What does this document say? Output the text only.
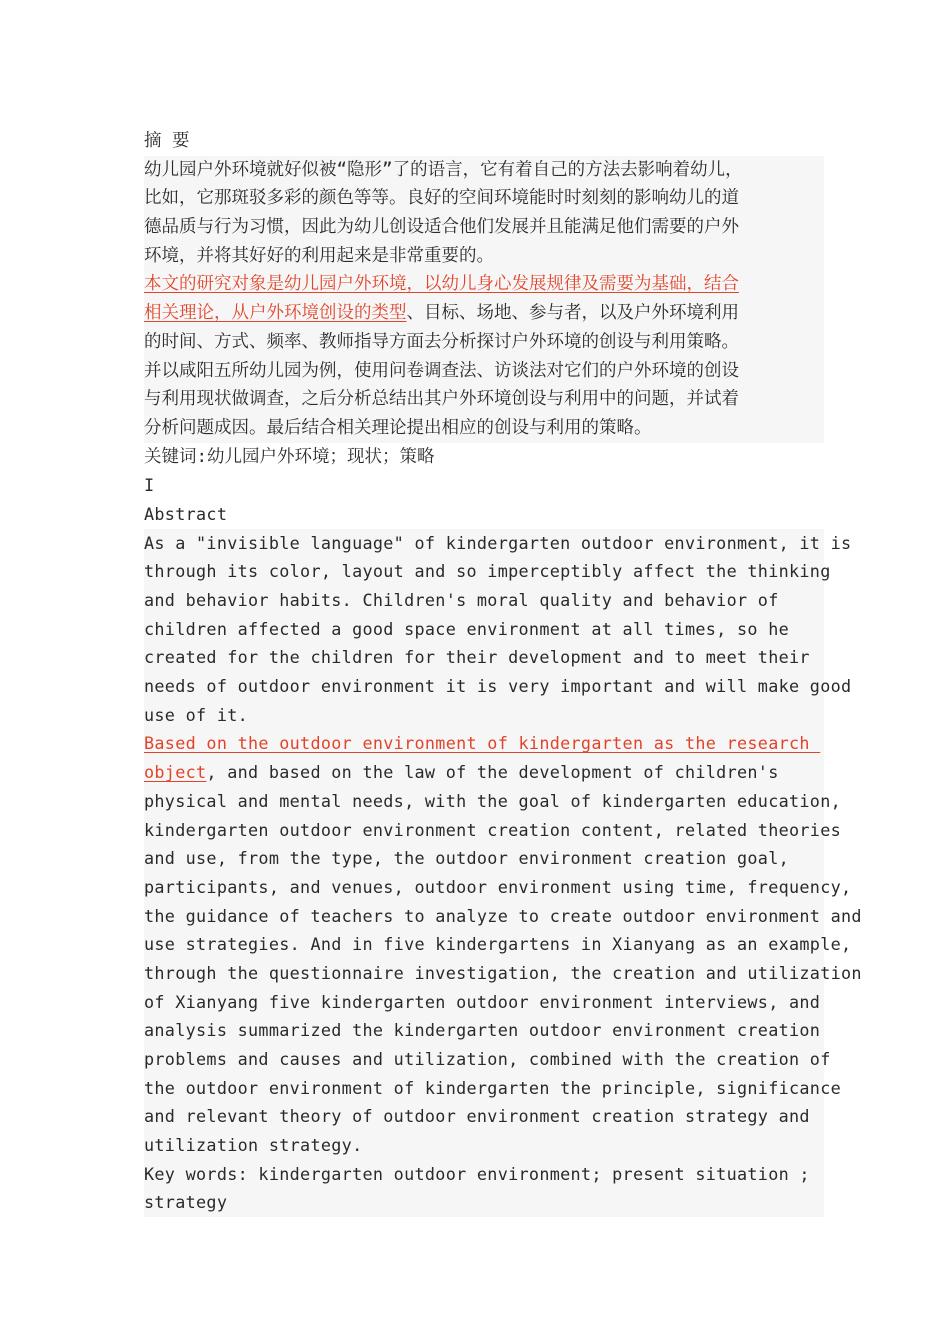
摘 要
幼儿园户外环境就好似被“隐形”了的语言，它有着自己的方法去影响着幼儿，
比如，它那斑驳多彩的颜色等等。良好的空间环境能时时刻刻的影响幼儿的道
德品质与行为习惯，因此为幼儿创设适合他们发展并且能满足他们需要的户外
环境，并将其好好的利用起来是非常重要的。
本文的研究对象是幼儿园户外环境，以幼儿身心发展规律及需要为基础，结合
相关理论，从户外环境创设的类型、目标、场地、参与者，以及户外环境利用
的时间、方式、频率、教师指导方面去分析探讨户外环境的创设与利用策略。
并以咸阳五所幼儿园为例，使用问卷调查法、访谈法对它们的户外环境的创设
与利用现状做调查，之后分析总结出其户外环境创设与利用中的问题，并试着
分析问题成因。最后结合相关理论提出相应的创设与利用的策略。
关键词:幼儿园户外环境；现状；策略
I
Abstract
As a "invisible language" of kindergarten outdoor environment, it is
through its color, layout and so imperceptibly affect the thinking
and behavior habits. Children's moral quality and behavior of
children affected a good space environment at all times, so he
created for the children for their development and to meet their
needs of outdoor environment it is very important and will make good
use of it.
Based on the outdoor environment of kindergarten as the research
object, and based on the law of the development of children's
physical and mental needs, with the goal of kindergarten education,
kindergarten outdoor environment creation content, related theories
and use, from the type, the outdoor environment creation goal,
participants, and venues, outdoor environment using time, frequency,
the guidance of teachers to analyze to create outdoor environment and
use strategies. And in five kindergartens in Xianyang as an example,
through the questionnaire investigation, the creation and utilization
of Xianyang five kindergarten outdoor environment interviews, and
analysis summarized the kindergarten outdoor environment creation
problems and causes and utilization, combined with the creation of
the outdoor environment of kindergarten the principle, significance
and relevant theory of outdoor environment creation strategy and
utilization strategy.
Key words: kindergarten outdoor environment; present situation ;
strategy
